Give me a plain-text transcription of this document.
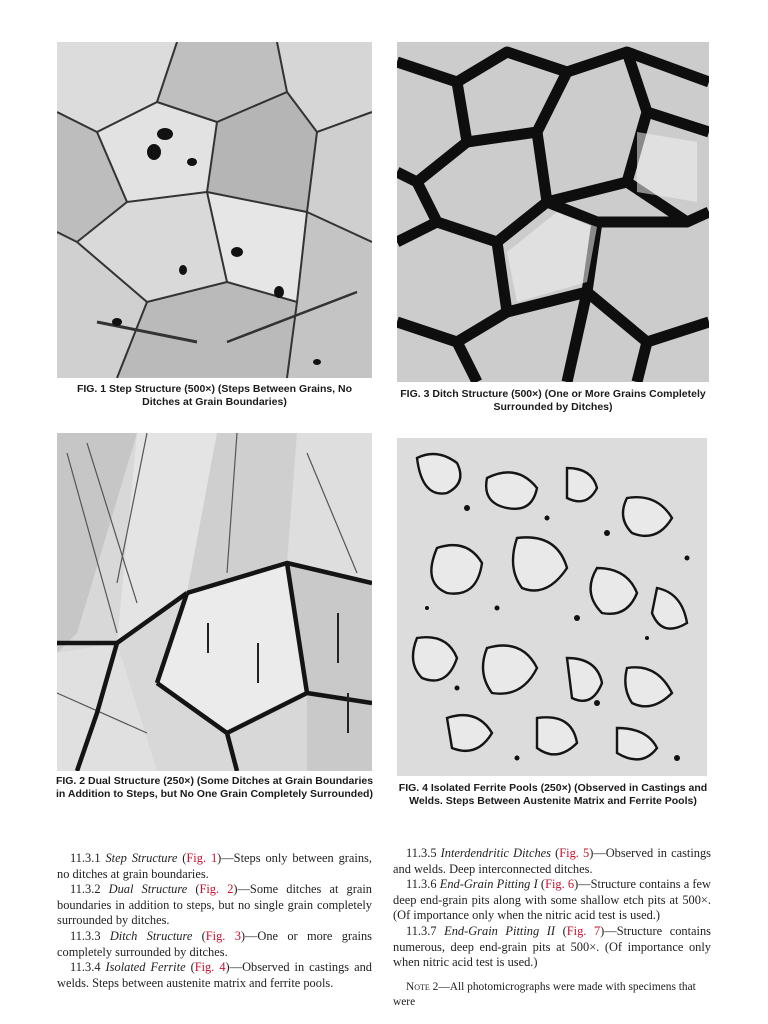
FIG. 1 Step Structure (500×) (Steps Between Grains, No Ditches at Grain Boundaries)
FIG. 3 Ditch Structure (500×) (One or More Grains Completely Surrounded by Ditches)
FIG. 2 Dual Structure (250×) (Some Ditches at Grain Boundaries in Addition to Steps, but No One Grain Completely Surrounded)	FIG. 4 Isolated Ferrite Pools (250×) (Observed in Castings and Welds. Steps Between Austenite Matrix and Ferrite Pools)

11.3.1 Step Structure (Fig. 1)—Steps only between grains, no ditches at grain boundaries.

11.3.2 Dual Structure (Fig. 2)—Some ditches at grain boundaries in addition to steps, but no single grain completely surrounded by ditches.

11.3.3 Ditch Structure (Fig. 3)—One or more grains completely surrounded by ditches.

11.3.4 Isolated Ferrite (Fig. 4)—Observed in castings and welds. Steps between austenite matrix and ferrite pools.

11.3.5 Interdendritic Ditches (Fig. 5)—Observed in castings and welds. Deep interconnected ditches.

11.3.6 End-Grain Pitting I (Fig. 6)—Structure contains a few deep end-grain pits along with some shallow etch pits at 500×. (Of importance only when the nitric acid test is used.)

11.3.7 End-Grain Pitting II (Fig. 7)—Structure contains numerous, deep end-grain pits at 500×. (Of importance only when nitric acid test is used.)

Note 2—All photomicrographs were made with specimens that were
